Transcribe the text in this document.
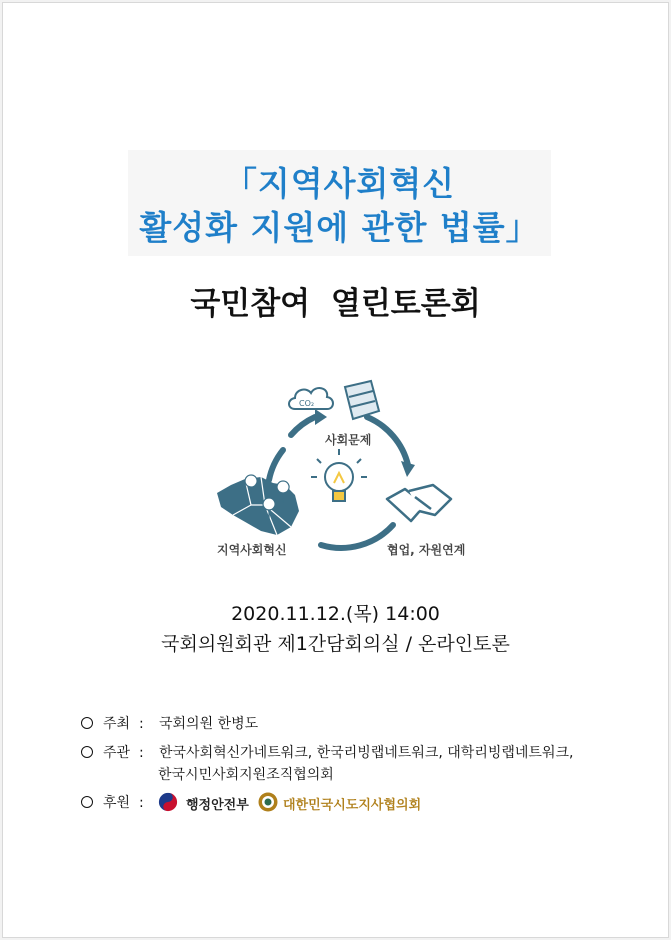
「지역사회혁신
활성화 지원에 관한 법률」
국민참여 열린토론회
CO₂
사회문제
지역사회혁신	협업, 자원연계
2020.11.12.(목) 14:00
국회의원회관 제1간담회의실 / 온라인토론
주최 : 국회의원 한병도
주관 : 한국사회혁신가네트워크, 한국리빙랩네트워크, 대학리빙랩네트워크,
한국시민사회지원조직협의회
후원 :	행정안전부	대한민국시도지사협의회
